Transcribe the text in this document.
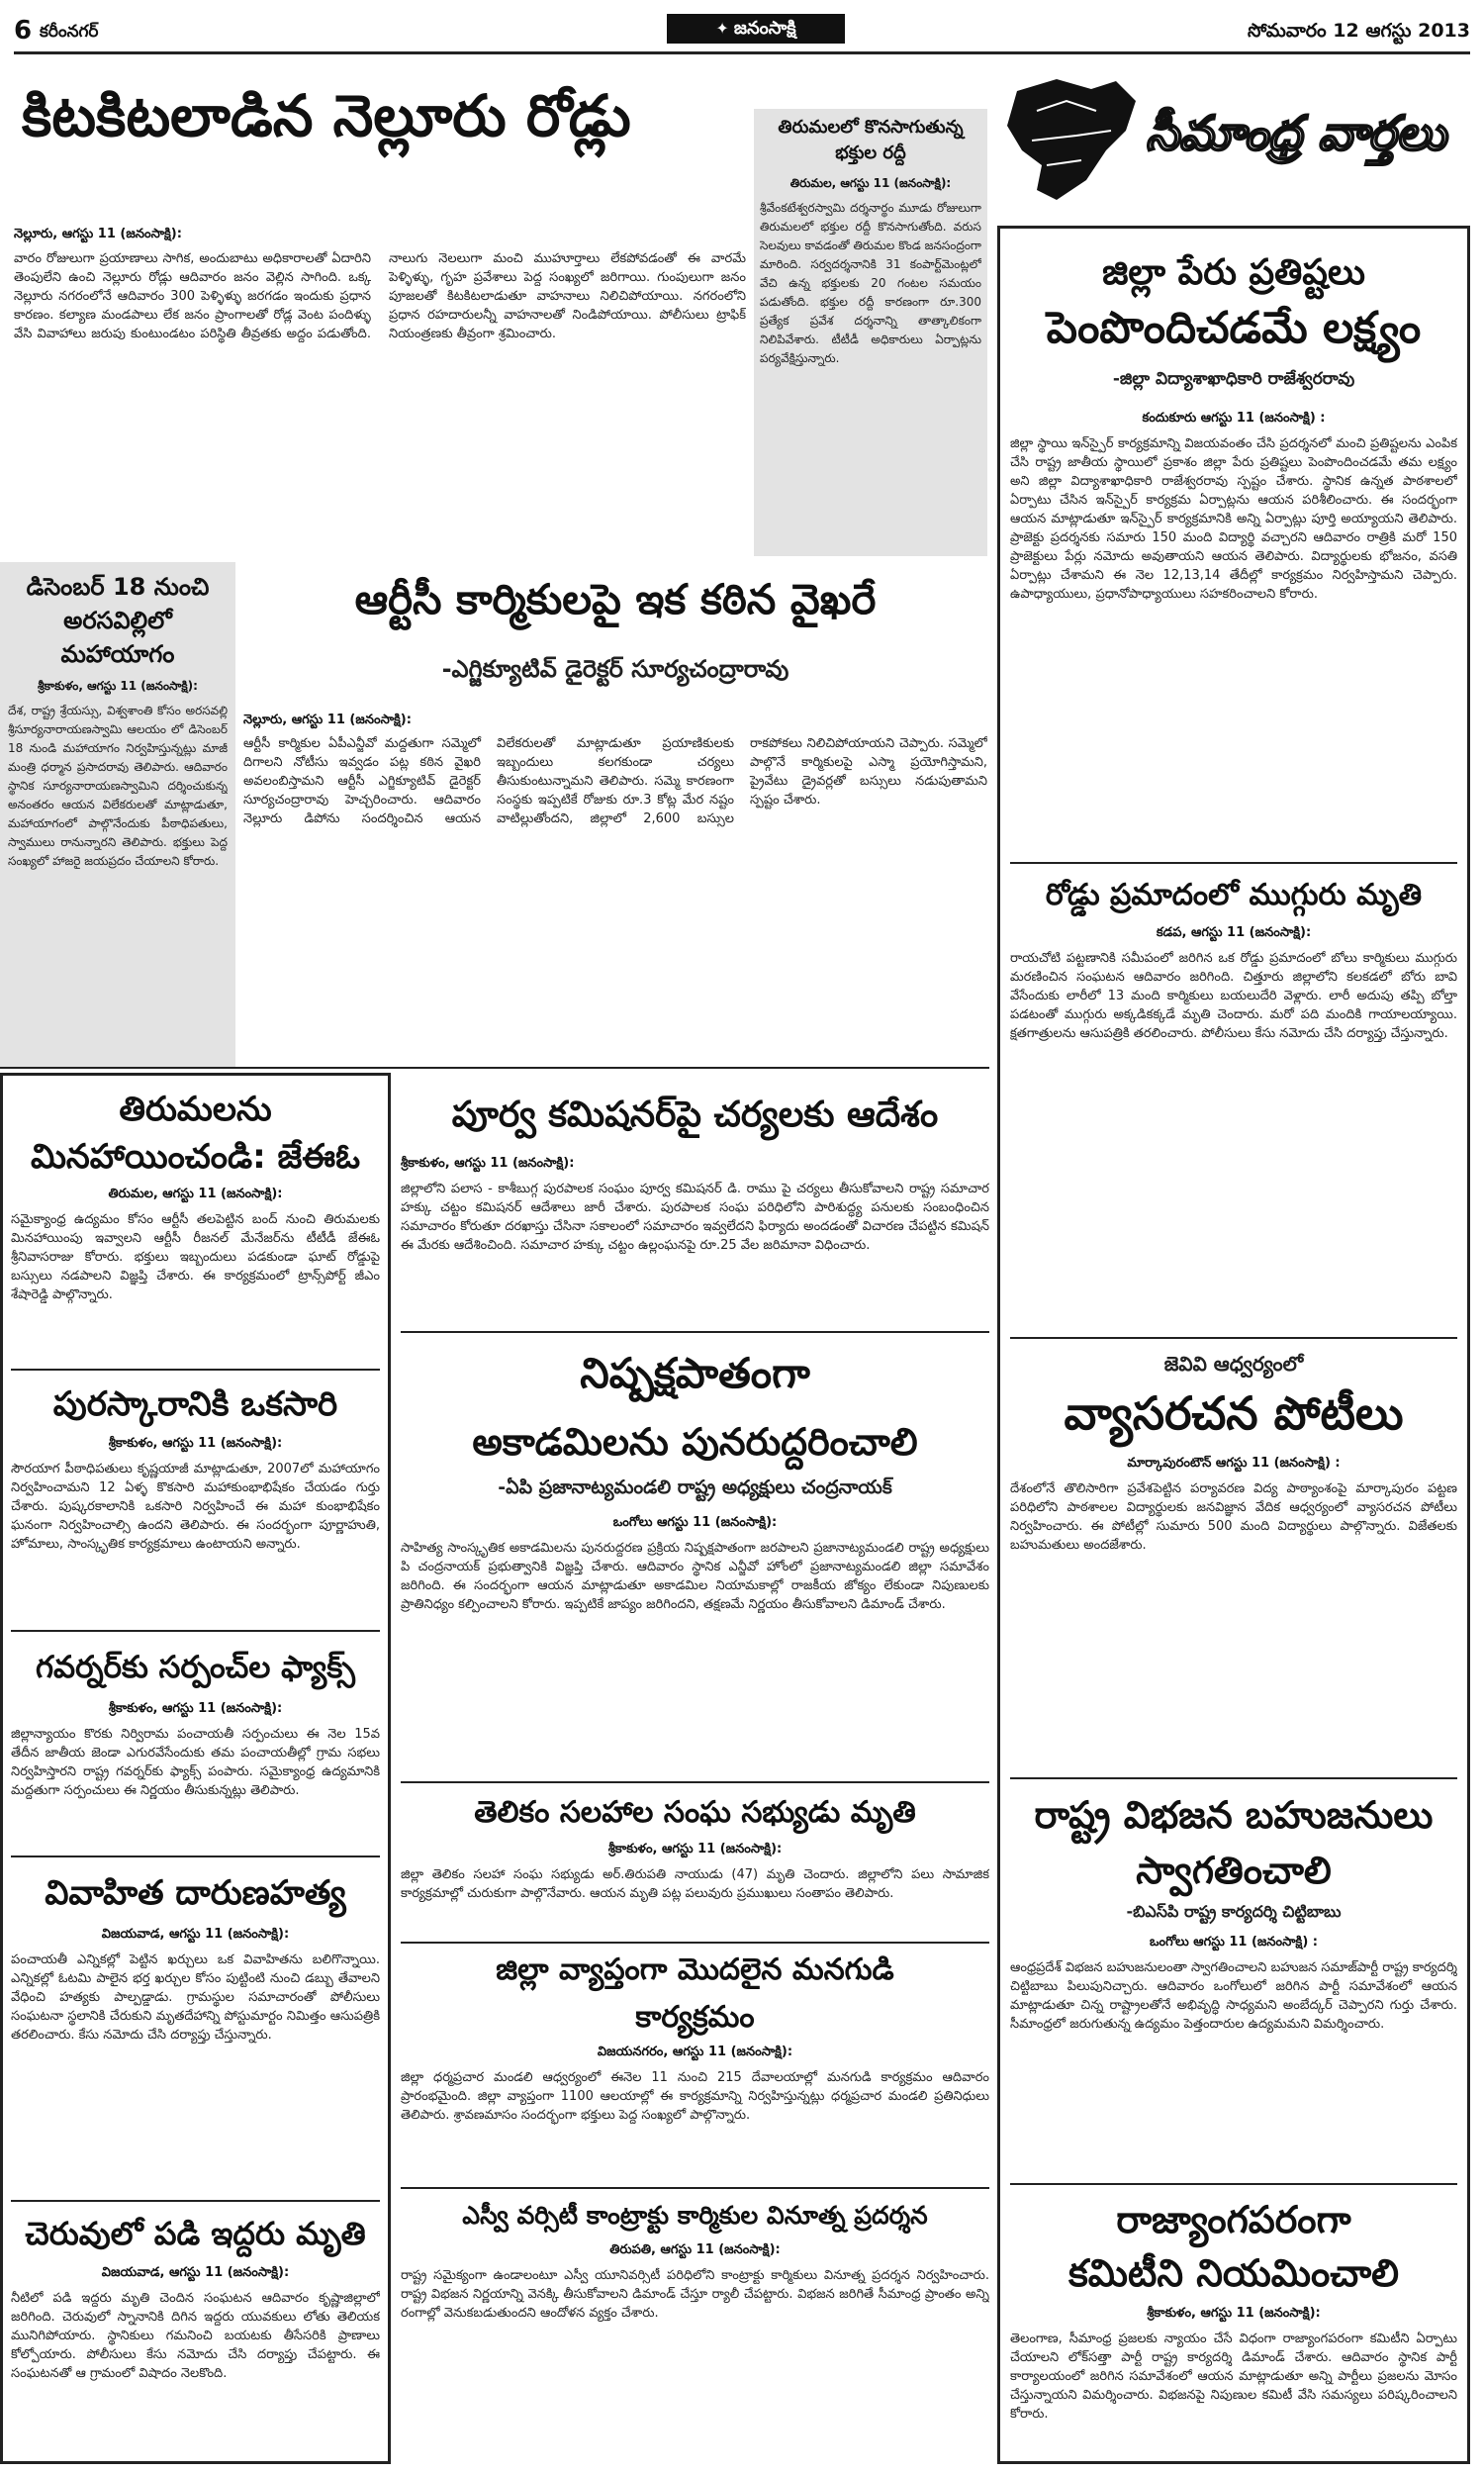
6 కరీంనగర్	✦ జనంసాక్షి	సోమవారం 12 ఆగస్టు 2013
కిటకిటలాడిన నెల్లూరు రోడ్లు
నెల్లూరు, ఆగస్టు 11 (జనంసాక్షి):
వారం రోజులుగా ప్రయాణాలు సాగిక, అందుబాటు అధికారాలతో ఏదారిని తెంపులేని ఉంచి నెల్లూరు రోడ్లు ఆదివారం జనం వెల్లిన సాగింది. ఒక్క నెల్లూరు నగరంలోనే ఆదివారం 300 పెళ్ళిళ్ళు జరగడం ఇందుకు ప్రధాన కారణం. కల్యాణ మండపాలు లేక జనం ప్రాంగాలతో రోడ్ల వెంట పందిళ్ళు వేసి వివాహాలు జరుపు కుంటుండటం పరిస్థితి తీవ్రతకు అద్దం పడుతోంది. నాలుగు నెలలుగా మంచి ముహూర్తాలు లేకపోవడంతో ఈ వారమే పెళ్ళిళ్ళు, గృహ ప్రవేశాలు పెద్ద సంఖ్యలో జరిగాయి. గుంపులుగా జనం పూజలతో కిటకిటలాడుతూ వాహనాలు నిలిచిపోయాయి. నగరంలోని ప్రధాన రహదారులన్నీ వాహనాలతో నిండిపోయాయి. పోలీసులు ట్రాఫిక్ నియంత్రణకు తీవ్రంగా శ్రమించారు.
తిరుమలలో కొనసాగుతున్న భక్తుల రద్దీ
తిరుమల, ఆగస్టు 11 (జనంసాక్షి):
శ్రీవేంకటేశ్వరస్వామి దర్శనార్థం మూడు రోజులుగా తిరుమలలో భక్తుల రద్దీ కొనసాగుతోంది. వరుస సెలవులు కావడంతో తిరుమల కొండ జనసంద్రంగా మారింది. సర్వదర్శనానికి 31 కంపార్ట్‌మెంట్లలో వేచి ఉన్న భక్తులకు 20 గంటల సమయం పడుతోంది. భక్తుల రద్దీ కారణంగా రూ.300 ప్రత్యేక ప్రవేశ దర్శనాన్ని తాత్కాలికంగా నిలిపివేశారు. టీటీడీ అధికారులు ఏర్పాట్లను పర్యవేక్షిస్తున్నారు.
సీమాంధ్ర వార్తలు
జిల్లా పేరు ప్రతిష్టలు
పెంపొందిచడమే లక్ష్యం
-జిల్లా విద్యాశాఖాధికారి రాజేశ్వరరావు
కందుకూరు ఆగస్టు 11 (జనంసాక్షి) :
జిల్లా స్థాయి ఇన్‌స్పైర్ కార్యక్రమాన్ని విజయవంతం చేసి ప్రదర్శనలో మంచి ప్రతిష్టలను ఎంపిక చేసి రాష్ట్ర జాతీయ స్థాయిలో ప్రకాశం జిల్లా పేరు ప్రతిష్టలు పెంపొందించడమే తమ లక్ష్యం అని జిల్లా విద్యాశాఖాధికారి రాజేశ్వరరావు స్పష్టం చేశారు. స్థానిక ఉన్నత పాఠశాలలో ఏర్పాటు చేసిన ఇన్‌స్పైర్ కార్యక్రమ ఏర్పాట్లను ఆయన పరిశీలించారు. ఈ సందర్భంగా ఆయన మాట్లాడుతూ ఇన్‌స్పైర్ కార్యక్రమానికి అన్ని ఏర్పాట్లు పూర్తి అయ్యాయని తెలిపారు. ప్రాజెక్టు ప్రదర్శనకు సమారు 150 మంది విద్యార్థి వచ్చారని ఆదివారం రాత్రికి మరో 150 ప్రాజెక్టులు పేర్లు నమోదు అవుతాయని ఆయన తెలిపారు. విద్యార్థులకు భోజనం, వసతి ఏర్పాట్లు చేశామని ఈ నెల 12,13,14 తేదీల్లో కార్యక్రమం నిర్వహిస్తామని చెప్పారు. ఉపాధ్యాయులు, ప్రధానోపాధ్యాయులు సహకరించాలని కోరారు.
రోడ్డు ప్రమాదంలో ముగ్గురు మృతి
కడప, ఆగస్టు 11 (జనంసాక్షి):
రాయచోటి పట్టణానికి సమీపంలో జరిగిన ఒక రోడ్డు ప్రమాదంలో బోలు కార్మికులు ముగ్గురు మరణించిన సంఘటన ఆదివారం జరిగింది. చిత్తూరు జిల్లాలోని కలకడలో బోరు బావి వేసేందుకు లారీలో 13 మంది కార్మికులు బయలుదేరి వెళ్లారు. లారీ అదుపు తప్పి బోల్తా పడటంతో ముగ్గురు అక్కడికక్కడే మృతి చెందారు. మరో పది మందికి గాయాలయ్యాయి. క్షతగాత్రులను ఆసుపత్రికి తరలించారు. పోలీసులు కేసు నమోదు చేసి దర్యాప్తు చేస్తున్నారు.
జెవివి ఆధ్వర్యంలో
వ్యాసరచన పోటీలు
మార్కాపురంటౌన్ ఆగస్టు 11 (జనంసాక్షి) :
దేశంలోనే తొలిసారిగా ప్రవేశపెట్టిన పర్యావరణ విద్య పాఠ్యాంశంపై మార్కాపురం పట్టణ పరిధిలోని పాఠశాలల విద్యార్థులకు జనవిజ్ఞాన వేదిక ఆధ్వర్యంలో వ్యాసరచన పోటీలు నిర్వహించారు. ఈ పోటీల్లో సుమారు 500 మంది విద్యార్థులు పాల్గొన్నారు. విజేతలకు బహుమతులు అందజేశారు.
రాష్ట్ర విభజన బహుజనులు
స్వాగతించాలి
-బిఎస్‌పి రాష్ట్ర కార్యదర్శి చిట్టిబాబు
ఒంగోలు ఆగస్టు 11 (జనంసాక్షి) :
ఆంధ్రప్రదేశ్ విభజన బహుజనులంతా స్వాగతించాలని బహుజన సమాజ్‌పార్టీ రాష్ట్ర కార్యదర్శి చిట్టిబాబు పిలుపునిచ్చారు. ఆదివారం ఒంగోలులో జరిగిన పార్టీ సమావేశంలో ఆయన మాట్లాడుతూ చిన్న రాష్ట్రాలతోనే అభివృద్ధి సాధ్యమని అంబేద్కర్ చెప్పారని గుర్తు చేశారు. సీమాంధ్రలో జరుగుతున్న ఉద్యమం పెత్తందారుల ఉద్యమమని విమర్శించారు.
రాజ్యాంగపరంగా
కమిటీని నియమించాలి
శ్రీకాకుళం, ఆగస్టు 11 (జనంసాక్షి):
తెలంగాణ, సీమాంధ్ర ప్రజలకు న్యాయం చేసే విధంగా రాజ్యాంగపరంగా కమిటీని ఏర్పాటు చేయాలని లోక్‌సత్తా పార్టీ రాష్ట్ర కార్యదర్శి డిమాండ్ చేశారు. ఆదివారం స్థానిక పార్టీ కార్యాలయంలో జరిగిన సమావేశంలో ఆయన మాట్లాడుతూ అన్ని పార్టీలు ప్రజలను మోసం చేస్తున్నాయని విమర్శించారు. విభజనపై నిపుణుల కమిటీ వేసి సమస్యలు పరిష్కరించాలని కోరారు.
డిసెంబర్ 18 నుంచి
అరసవిల్లిలో
మహాయాగం
శ్రీకాకుళం, ఆగస్టు 11 (జనంసాక్షి):
దేశ, రాష్ట్ర శ్రేయస్సు, విశ్వశాంతి కోసం అరసవల్లి శ్రీసూర్యనారాయణస్వామి ఆలయం లో డిసెంబర్ 18 నుండి మహాయాగం నిర్వహిస్తున్నట్లు మాజీ మంత్రి ధర్మాన ప్రసాదరావు తెలిపారు. ఆదివారం స్థానిక సూర్యనారాయణస్వామిని దర్శించుకున్న అనంతరం ఆయన విలేకరులతో మాట్లాడుతూ, మహాయాగంలో పాల్గొనేందుకు పీఠాధిపతులు, స్వాములు రానున్నారని తెలిపారు. భక్తులు పెద్ద సంఖ్యలో హాజరై జయప్రదం చేయాలని కోరారు.
ఆర్టీసీ కార్మికులపై ఇక కఠిన వైఖరే
-ఎగ్జిక్యూటివ్ డైరెక్టర్ సూర్యచంద్రారావు
నెల్లూరు, ఆగస్టు 11 (జనంసాక్షి):
ఆర్టీసీ కార్మికుల ఏపీఎన్జీవో మద్దతుగా సమ్మెలో దిగాలని నోటీసు ఇవ్వడం పట్ల కఠిన వైఖరి అవలంబిస్తామని ఆర్టీసీ ఎగ్జిక్యూటివ్ డైరెక్టర్ సూర్యచంద్రారావు హెచ్చరించారు. ఆదివారం నెల్లూరు డిపోను సందర్శించిన ఆయన విలేకరులతో మాట్లాడుతూ ప్రయాణికులకు ఇబ్బందులు కలగకుండా చర్యలు తీసుకుంటున్నామని తెలిపారు. సమ్మె కారణంగా సంస్థకు ఇప్పటికే రోజుకు రూ.3 కోట్ల మేర నష్టం వాటిల్లుతోందని, జిల్లాలో 2,600 బస్సుల రాకపోకలు నిలిచిపోయాయని చెప్పారు. సమ్మెలో పాల్గొనే కార్మికులపై ఎస్మా ప్రయోగిస్తామని, ప్రైవేటు డ్రైవర్లతో బస్సులు నడుపుతామని స్పష్టం చేశారు.
తిరుమలను
మినహాయించండి: జేఈఓ
తిరుమల, ఆగస్టు 11 (జనంసాక్షి):
సమైక్యాంధ్ర ఉద్యమం కోసం ఆర్టీసీ తలపెట్టిన బంద్ నుంచి తిరుమలకు మినహాయింపు ఇవ్వాలని ఆర్టీసీ రీజనల్ మేనేజర్‌ను టీటీడీ జేఈఓ శ్రీనివాసరాజు కోరారు. భక్తులు ఇబ్బందులు పడకుండా ఘాట్ రోడ్డుపై బస్సులు నడపాలని విజ్ఞప్తి చేశారు. ఈ కార్యక్రమంలో ట్రాన్స్‌పోర్ట్ జీఎం శేషారెడ్డి పాల్గొన్నారు.
పురస్కారానికి ఒకసారి
శ్రీకాకుళం, ఆగస్టు 11 (జనంసాక్షి):
సౌరయాగ పీఠాధిపతులు కృష్ణయాజీ మాట్లాడుతూ, 2007లో మహాయాగం నిర్వహించామని 12 ఏళ్ళ కొకసారి మహాకుంభాభిషేకం చేయడం గుర్తు చేశారు. పుష్కరకాలానికి ఒకసారి నిర్వహించే ఈ మహా కుంభాభిషేకం ఘనంగా నిర్వహించాల్సి ఉందని తెలిపారు. ఈ సందర్భంగా పూర్ణాహుతి, హోమాలు, సాంస్కృతిక కార్యక్రమాలు ఉంటాయని అన్నారు.
గవర్నర్‌కు సర్పంచ్‌ల ఫ్యాక్స్
శ్రీకాకుళం, ఆగస్టు 11 (జనంసాక్షి):
జిల్లాన్యాయం కొరకు నిర్విరామ పంచాయతీ సర్పంచులు ఈ నెల 15వ తేదీన జాతీయ జెండా ఎగురవేసేందుకు తమ పంచాయతీల్లో గ్రామ సభలు నిర్వహిస్తారని రాష్ట్ర గవర్నర్‌కు ఫ్యాక్స్ పంపారు. సమైక్యాంధ్ర ఉద్యమానికి మద్దతుగా సర్పంచులు ఈ నిర్ణయం తీసుకున్నట్లు తెలిపారు.
వివాహిత దారుణహత్య
విజయవాడ, ఆగస్టు 11 (జనంసాక్షి):
పంచాయతీ ఎన్నికల్లో పెట్టిన ఖర్చులు ఒక వివాహితను బలిగొన్నాయి. ఎన్నికల్లో ఓటమి పాలైన భర్త ఖర్చుల కోసం పుట్టింటి నుంచి డబ్బు తేవాలని వేధించి హత్యకు పాల్పడ్డాడు. గ్రామస్థుల సమాచారంతో పోలీసులు సంఘటనా స్థలానికి చేరుకుని మృతదేహాన్ని పోస్టుమార్టం నిమిత్తం ఆసుపత్రికి తరలించారు. కేసు నమోదు చేసి దర్యాప్తు చేస్తున్నారు.
చెరువులో పడి ఇద్దరు మృతి
విజయవాడ, ఆగస్టు 11 (జనంసాక్షి):
నీటిలో పడి ఇద్దరు మృతి చెందిన సంఘటన ఆదివారం కృష్ణాజిల్లాలో జరిగింది. చెరువులో స్నానానికి దిగిన ఇద్దరు యువకులు లోతు తెలియక మునిగిపోయారు. స్థానికులు గమనించి బయటకు తీసేసరికి ప్రాణాలు కోల్పోయారు. పోలీసులు కేసు నమోదు చేసి దర్యాప్తు చేపట్టారు. ఈ సంఘటనతో ఆ గ్రామంలో విషాదం నెలకొంది.
పూర్వ కమిషనర్‌పై చర్యలకు ఆదేశం
శ్రీకాకుళం, ఆగస్టు 11 (జనంసాక్షి):
జిల్లాలోని పలాస - కాశీబుగ్గ పురపాలక సంఘం పూర్వ కమిషనర్ డి. రాము పై చర్యలు తీసుకోవాలని రాష్ట్ర సమాచార హక్కు చట్టం కమిషనర్ ఆదేశాలు జారీ చేశారు. పురపాలక సంఘ పరిధిలోని పారిశుద్ధ్య పనులకు సంబంధించిన సమాచారం కోరుతూ దరఖాస్తు చేసినా సకాలంలో సమాచారం ఇవ్వలేదని ఫిర్యాదు అందడంతో విచారణ చేపట్టిన కమిషన్ ఈ మేరకు ఆదేశించింది. సమాచార హక్కు చట్టం ఉల్లంఘనపై రూ.25 వేల జరిమానా విధించారు.
నిష్పక్షపాతంగా
అకాడమిలను పునరుద్దరించాలి
-ఏపి ప్రజానాట్యమండలి రాష్ట్ర అధ్యక్షులు చంద్రనాయక్
ఒంగోలు ఆగస్టు 11 (జనంసాక్షి):
సాహిత్య సాంస్కృతిక అకాడమిలను పునరుద్దరణ ప్రక్రియ నిష్పక్షపాతంగా జరపాలని ప్రజానాట్యమండలి రాష్ట్ర అధ్యక్షులు పి చంద్రనాయక్ ప్రభుత్వానికి విజ్ఞప్తి చేశారు. ఆదివారం స్థానిక ఎన్జీవో హోంలో ప్రజానాట్యమండలి జిల్లా సమావేశం జరిగింది. ఈ సందర్భంగా ఆయన మాట్లాడుతూ అకాడమిల నియామకాల్లో రాజకీయ జోక్యం లేకుండా నిపుణులకు ప్రాతినిధ్యం కల్పించాలని కోరారు. ఇప్పటికే జాప్యం జరిగిందని, తక్షణమే నిర్ణయం తీసుకోవాలని డిమాండ్ చేశారు.
తెలికం సలహాల సంఘ సభ్యుడు మృతి
శ్రీకాకుళం, ఆగస్టు 11 (జనంసాక్షి):
జిల్లా తెలికం సలహా సంఘ సభ్యుడు అర్.తిరుపతి నాయుడు (47) మృతి చెందారు. జిల్లాలోని పలు సామాజిక కార్యక్రమాల్లో చురుకుగా పాల్గొనేవారు. ఆయన మృతి పట్ల పలువురు ప్రముఖులు సంతాపం తెలిపారు.
జిల్లా వ్యాప్తంగా మొదలైన మనగుడి
కార్యక్రమం
విజయనగరం, ఆగస్టు 11 (జనంసాక్షి):
జిల్లా ధర్మప్రచార మండలి ఆధ్వర్యంలో ఈనెల 11 నుంచి 215 దేవాలయాల్లో మనగుడి కార్యక్రమం ఆదివారం ప్రారంభమైంది. జిల్లా వ్యాప్తంగా 1100 ఆలయాల్లో ఈ కార్యక్రమాన్ని నిర్వహిస్తున్నట్లు ధర్మప్రచార మండలి ప్రతినిధులు తెలిపారు. శ్రావణమాసం సందర్భంగా భక్తులు పెద్ద సంఖ్యలో పాల్గొన్నారు.
ఎస్వీ వర్సిటీ కాంట్రాక్టు కార్మికుల వినూత్న ప్రదర్శన
తిరుపతి, ఆగస్టు 11 (జనంసాక్షి):
రాష్ట్ర సమైక్యంగా ఉండాలంటూ ఎస్వీ యూనివర్సిటీ పరిధిలోని కాంట్రాక్టు కార్మికులు వినూత్న ప్రదర్శన నిర్వహించారు. రాష్ట్ర విభజన నిర్ణయాన్ని వెనక్కి తీసుకోవాలని డిమాండ్ చేస్తూ ర్యాలీ చేపట్టారు. విభజన జరిగితే సీమాంధ్ర ప్రాంతం అన్ని రంగాల్లో వెనుకబడుతుందని ఆందోళన వ్యక్తం చేశారు.
